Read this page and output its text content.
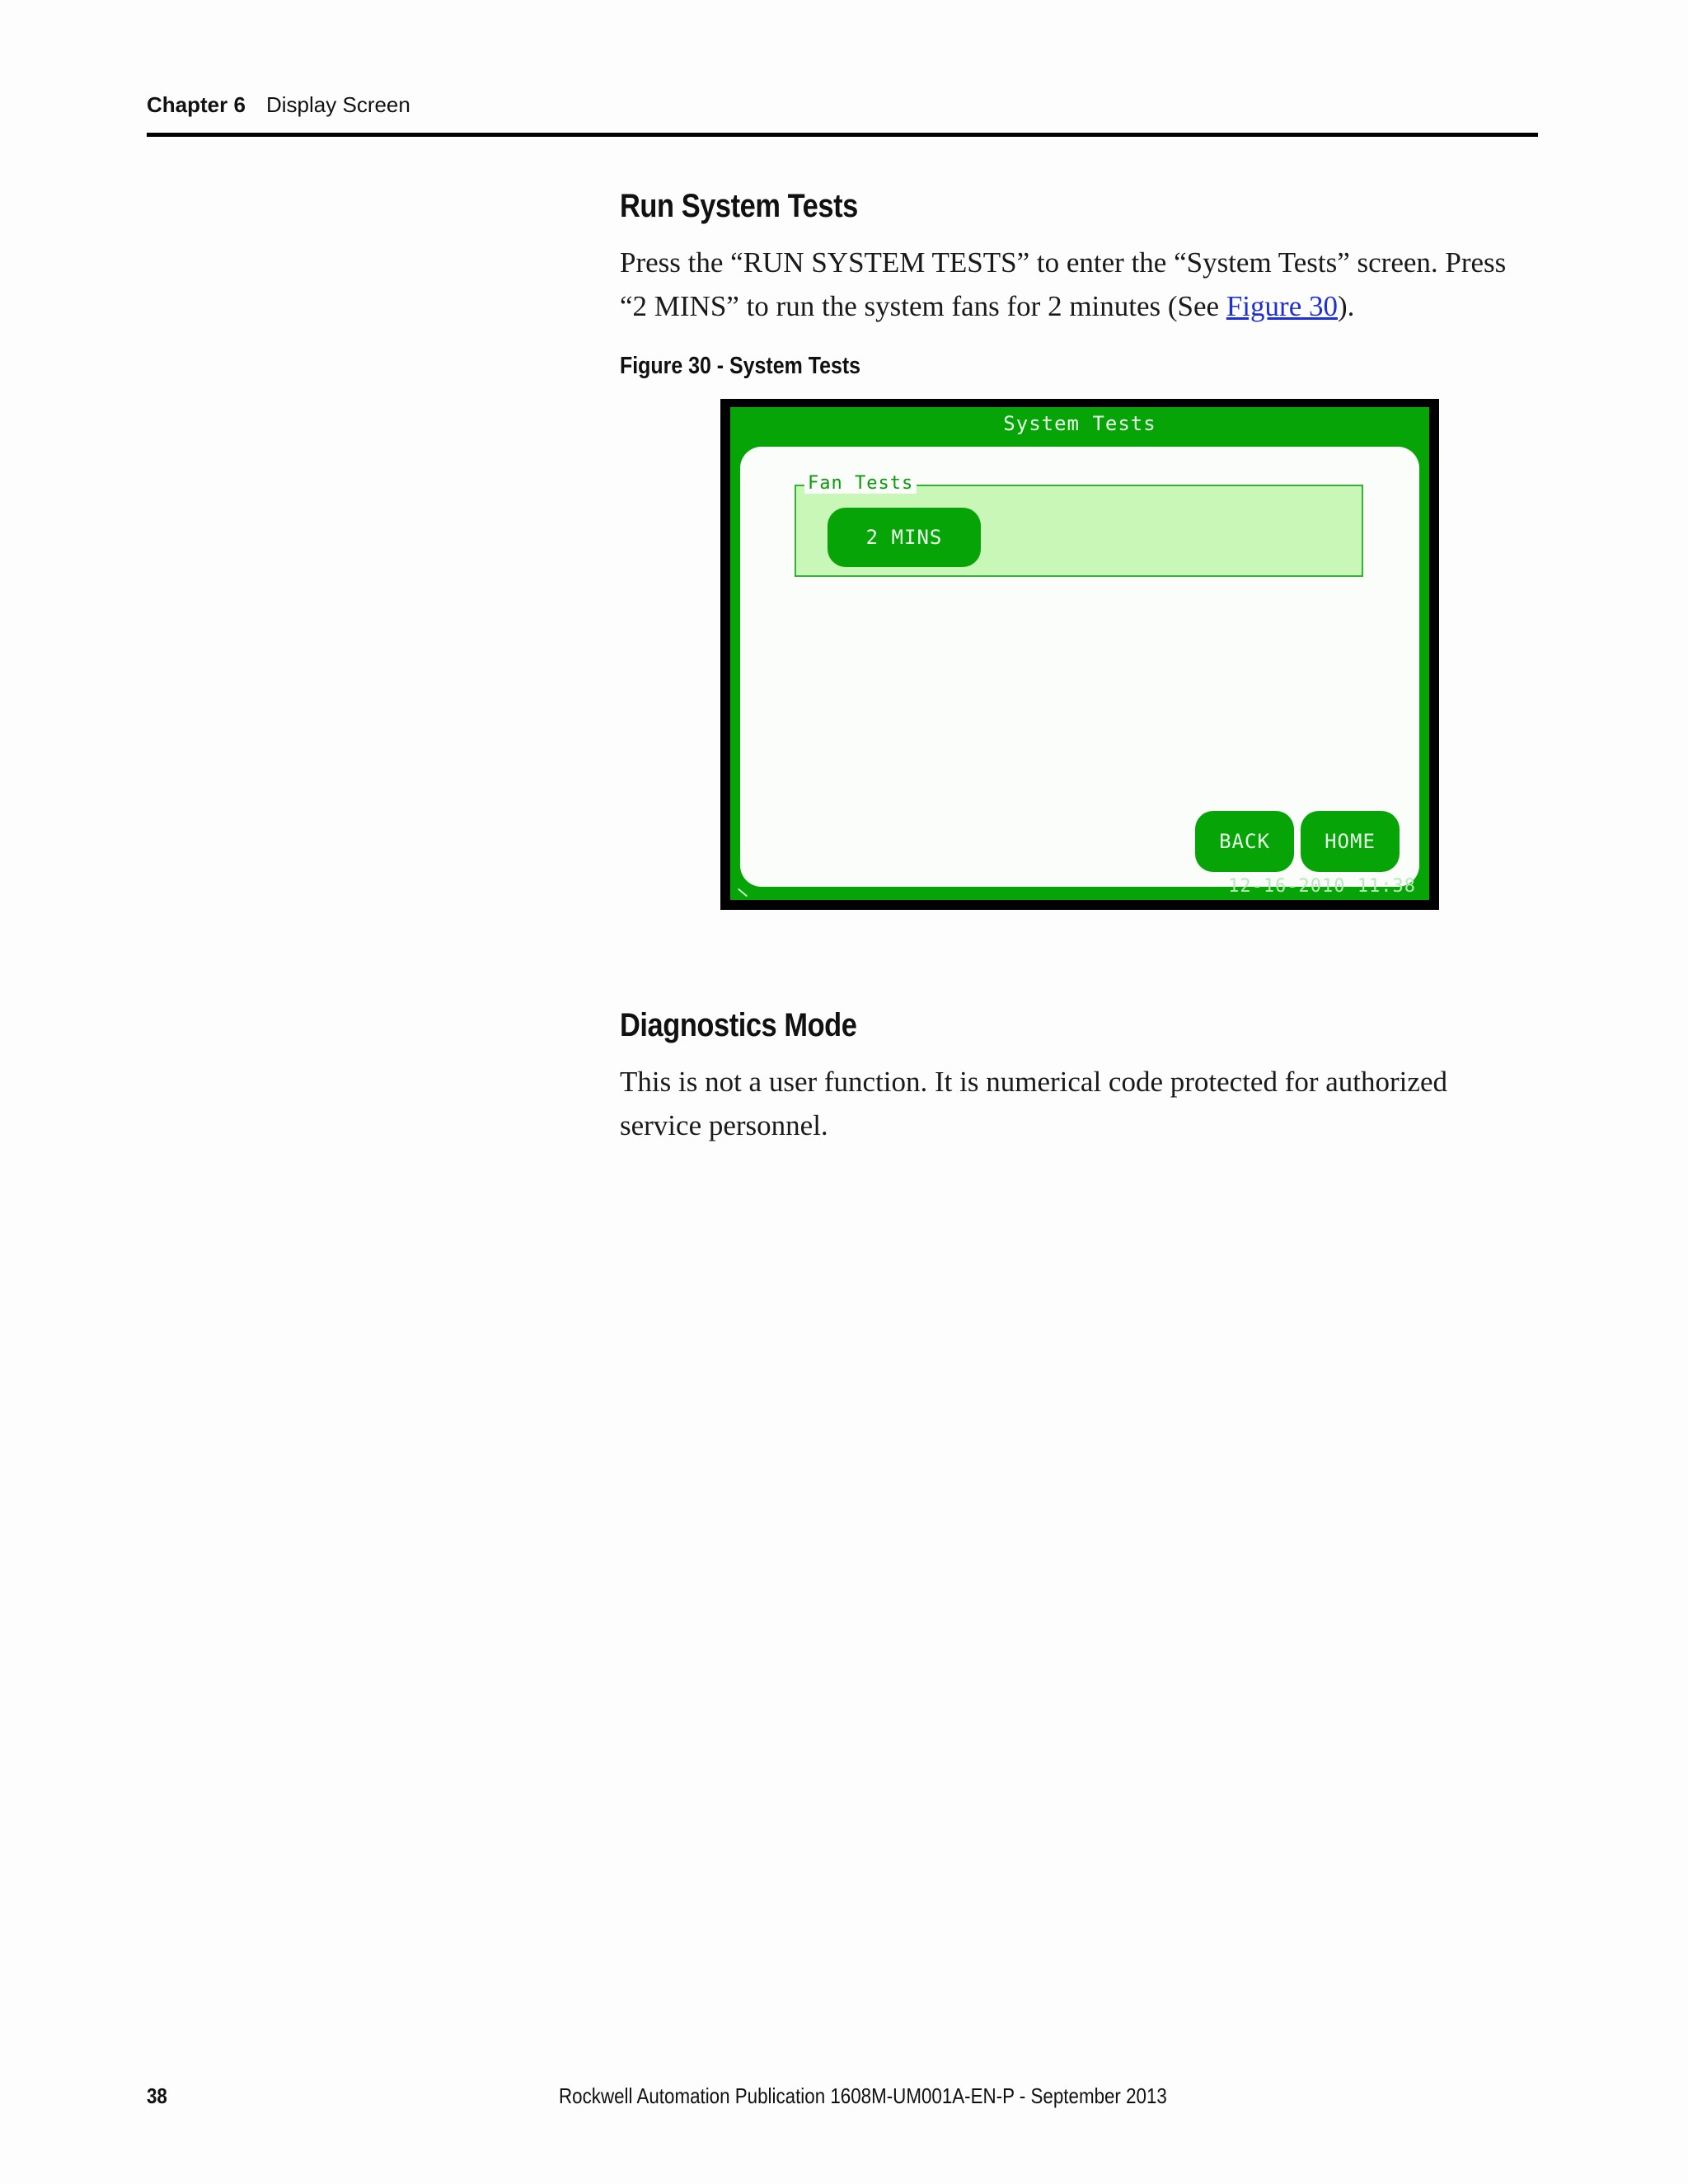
Chapter 6 Display Screen
Run System Tests
Press the “RUN SYSTEM TESTS” to enter the “System Tests” screen. Press “2 MINS” to run the system fans for 2 minutes (See Figure 30).
Figure 30 - System Tests
System Tests
Fan Tests
2 MINS
BACK	HOME
12-16-2010 11:38
Diagnostics Mode
This is not a user function. It is numerical code protected for authorized service personnel.
38	Rockwell Automation Publication 1608M-UM001A-EN-P - September 2013
